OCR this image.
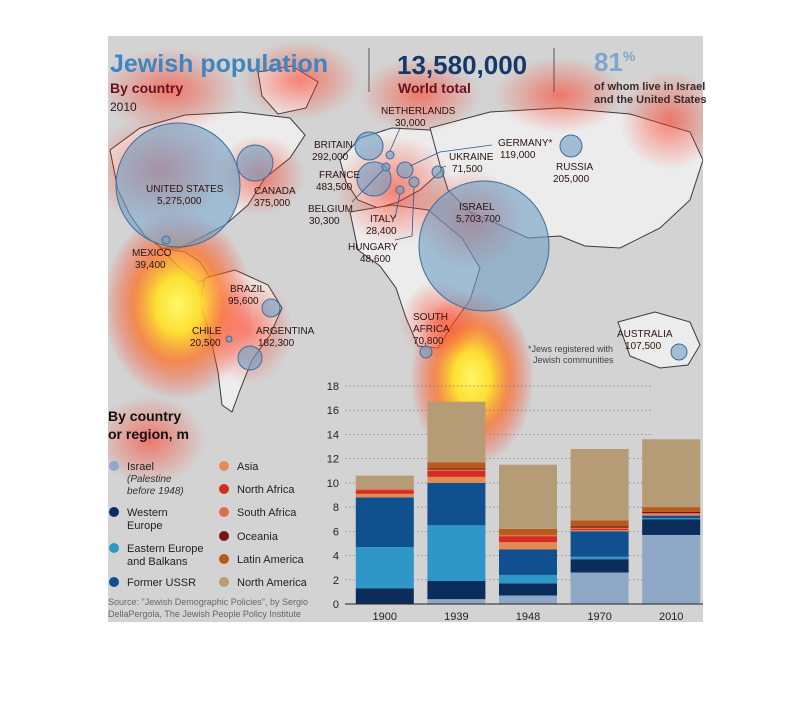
Jewish population
By country
2010
13,580,000
World total
81%
of whom live in Israel
and the United States
UNITED STATES
5,275,000
CANADA
375,000
MEXICO
39,400
BRAZIL
95,600
CHILE
20,500
ARGENTINA
182,300
BRITAIN
292,000
NETHERLANDS
30,000
FRANCE
483,500
BELGIUM
30,300
GERMANY*
119,000
UKRAINE
71,500
ITALY
28,400
HUNGARY
48,600
ISRAEL
5,703,700
RUSSIA
205,000
SOUTH
AFRICA
70,800
AUSTRALIA
107,500
*Jews registered with
Jewish communities
By country
or region, m
Israel
(Palestine
before 1948)
Western
Europe
Eastern Europe
and Balkans
Former USSR
Asia
North Africa
South Africa
Oceania
Latin America
North America
Source: "Jewish Demographic Policies", by Sergio
DellaPergola, The Jewish People Policy Institute
0
2
4
6
8
10
12
14
16
18
1900	1939	1948	1970	2010
